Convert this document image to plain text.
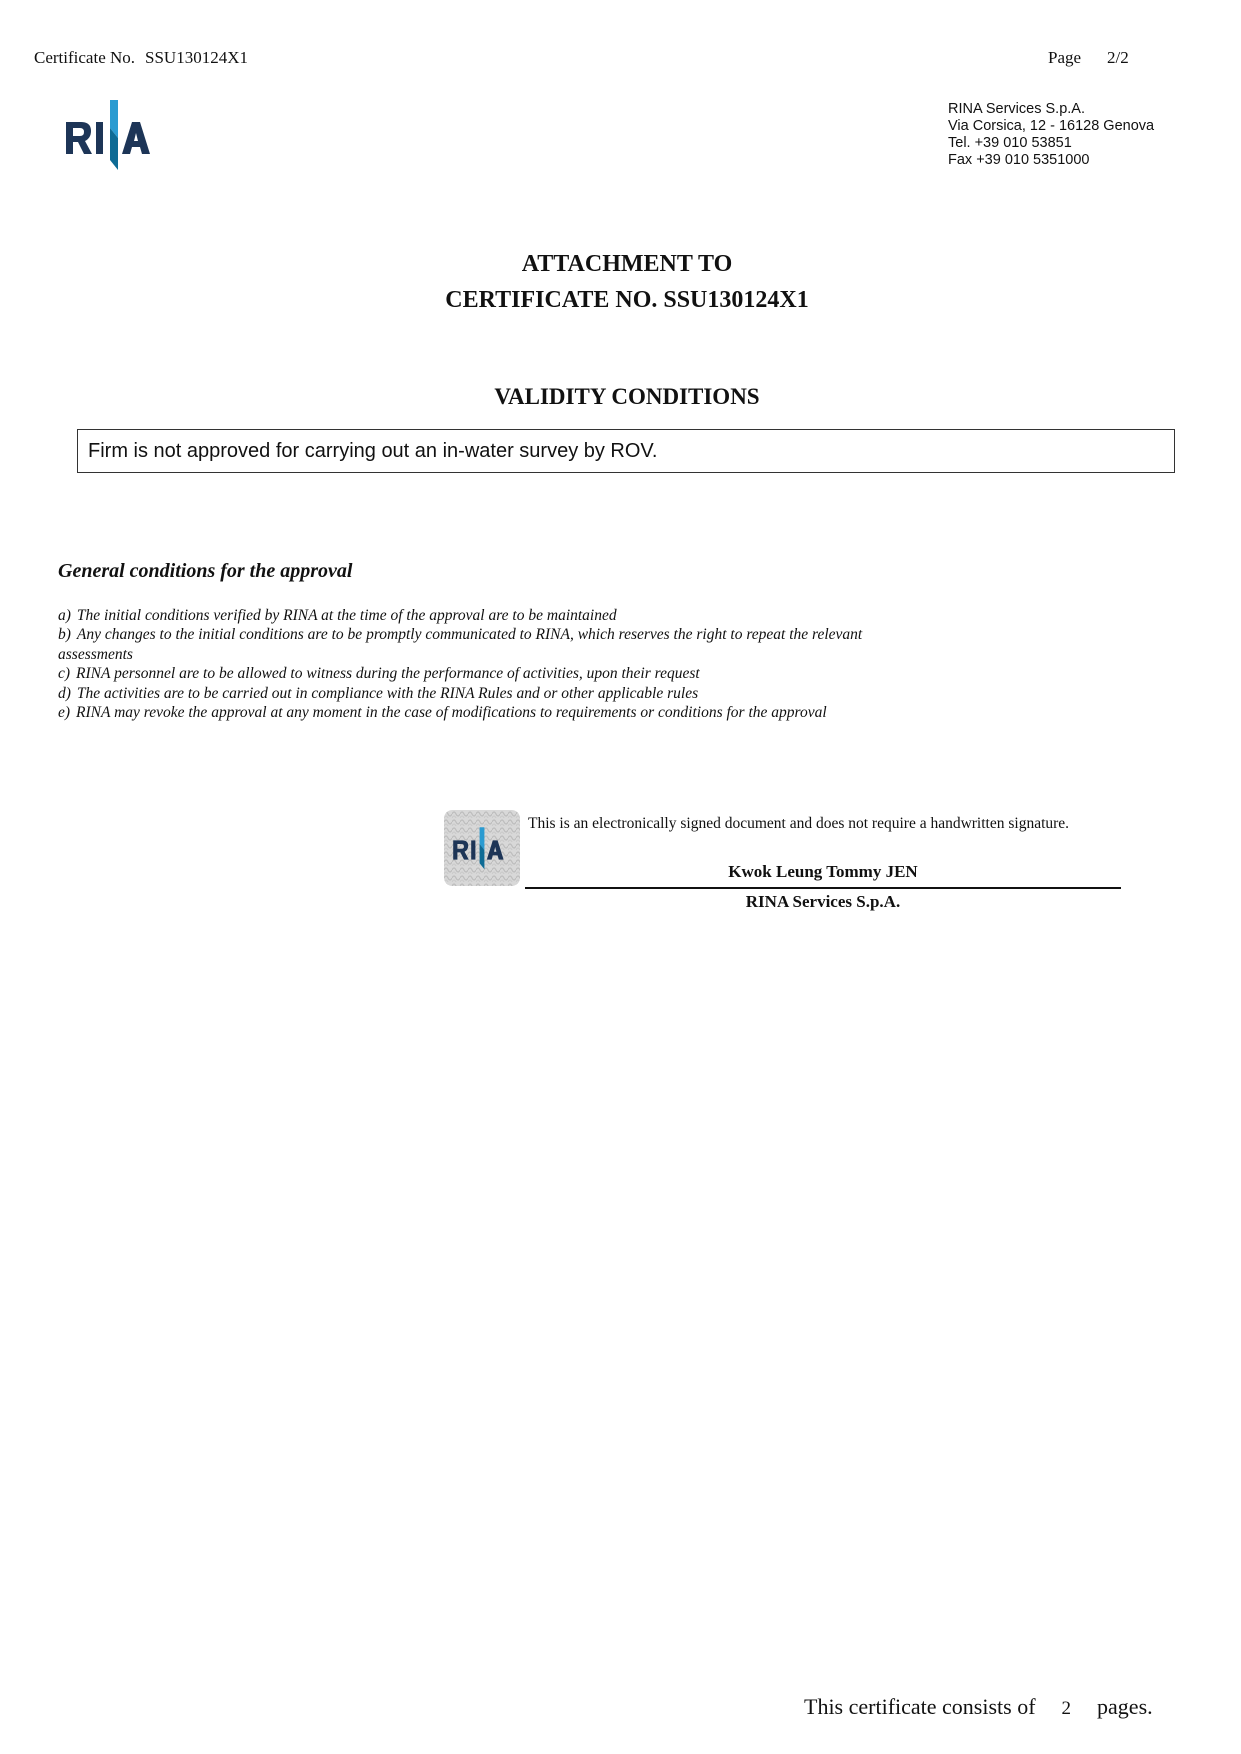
Certificate No. SSU130124X1	Page 2/2
RINA Services S.p.A.
Via Corsica, 12 - 16128 Genova
Tel. +39 010 53851
Fax +39 010 5351000
ATTACHMENT TO
CERTIFICATE NO. SSU130124X1
VALIDITY CONDITIONS
Firm is not approved for carrying out an in-water survey by ROV.
General conditions for the approval
a) The initial conditions verified by RINA at the time of the approval are to be maintained
b) Any changes to the initial conditions are to be promptly communicated to RINA, which reserves the right to repeat the relevant
assessments
c) RINA personnel are to be allowed to witness during the performance of activities, upon their request
d) The activities are to be carried out in compliance with the RINA Rules and or other applicable rules
e) RINA may revoke the approval at any moment in the case of modifications to requirements or conditions for the approval
This is an electronically signed document and does not require a handwritten signature.
Kwok Leung Tommy JEN
RINA Services S.p.A.
This certificate consists of 2 pages.
